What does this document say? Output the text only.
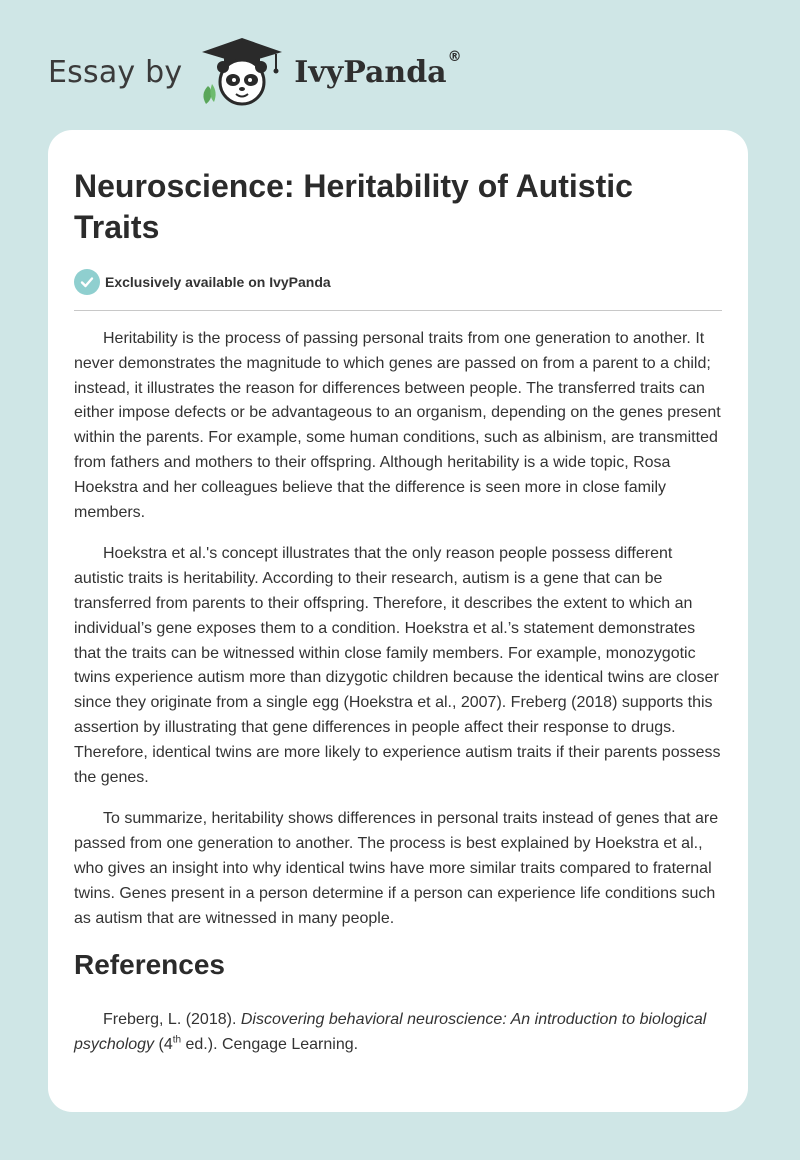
Essay by	IvyPanda®
Neuroscience: Heritability of Autistic Traits
Exclusively available on IvyPanda

Heritability is the process of passing personal traits from one generation to another. It never demonstrates the magnitude to which genes are passed on from a parent to a child; instead, it illustrates the reason for differences between people. The transferred traits can either impose defects or be advantageous to an organism, depending on the genes present within the parents. For example, some human conditions, such as albinism, are transmitted from fathers and mothers to their offspring. Although heritability is a wide topic, Rosa Hoekstra and her colleagues believe that the difference is seen more in close family members.

Hoekstra et al.'s concept illustrates that the only reason people possess different autistic traits is heritability. According to their research, autism is a gene that can be transferred from parents to their offspring. Therefore, it describes the extent to which an individual’s gene exposes them to a condition. Hoekstra et al.’s statement demonstrates that the traits can be witnessed within close family members. For example, monozygotic twins experience autism more than dizygotic children because the identical twins are closer since they originate from a single egg (Hoekstra et al., 2007). Freberg (2018) supports this assertion by illustrating that gene differences in people affect their response to drugs. Therefore, identical twins are more likely to experience autism traits if their parents possess the genes.

To summarize, heritability shows differences in personal traits instead of genes that are passed from one generation to another. The process is best explained by Hoekstra et al., who gives an insight into why identical twins have more similar traits compared to fraternal twins. Genes present in a person determine if a person can experience life conditions such as autism that are witnessed in many people.

References
Freberg, L. (2018). Discovering behavioral neuroscience: An introduction to biological psychology (4th ed.). Cengage Learning.
